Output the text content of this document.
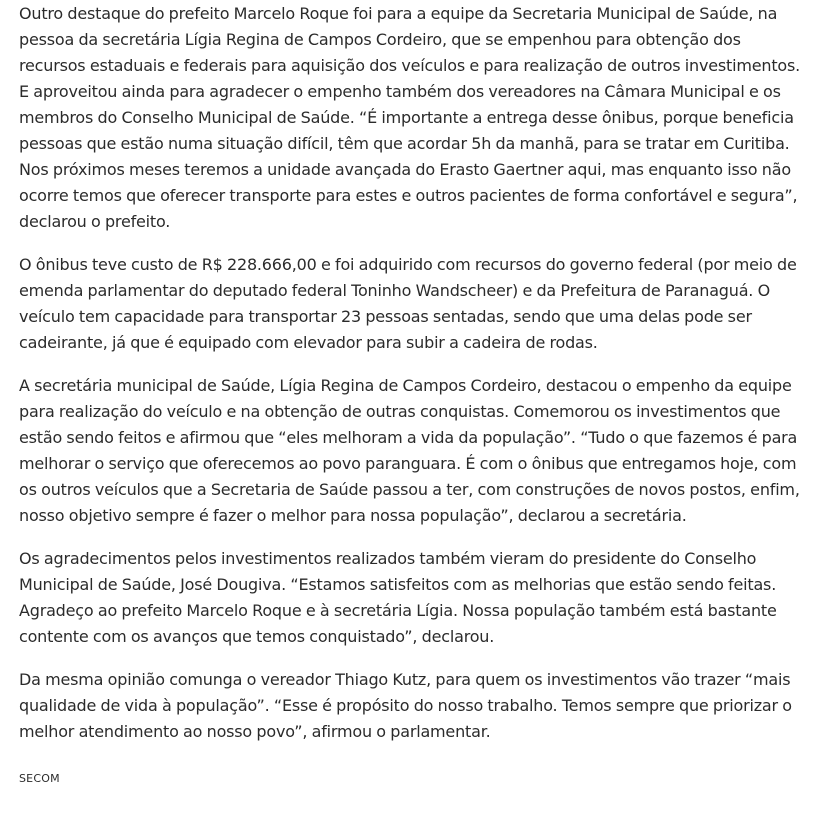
Outro destaque do prefeito Marcelo Roque foi para a equipe da Secretaria Municipal de Saúde, na pessoa da secretária Lígia Regina de Campos Cordeiro, que se empenhou para obtenção dos recursos estaduais e federais para aquisição dos veículos e para realização de outros investimentos. E aproveitou ainda para agradecer o empenho também dos vereadores na Câmara Municipal e os membros do Conselho Municipal de Saúde. “É importante a entrega desse ônibus, porque beneficia pessoas que estão numa situação difícil, têm que acordar 5h da manhã, para se tratar em Curitiba. Nos próximos meses teremos a unidade avançada do Erasto Gaertner aqui, mas enquanto isso não ocorre temos que oferecer transporte para estes e outros pacientes de forma confortável e segura”, declarou o prefeito.

O ônibus teve custo de R$ 228.666,00 e foi adquirido com recursos do governo federal (por meio de emenda parlamentar do deputado federal Toninho Wandscheer) e da Prefeitura de Paranaguá. O veículo tem capacidade para transportar 23 pessoas sentadas, sendo que uma delas pode ser cadeirante, já que é equipado com elevador para subir a cadeira de rodas.

A secretária municipal de Saúde, Lígia Regina de Campos Cordeiro, destacou o empenho da equipe para realização do veículo e na obtenção de outras conquistas. Comemorou os investimentos que estão sendo feitos e afirmou que “eles melhoram a vida da população”. “Tudo o que fazemos é para melhorar o serviço que oferecemos ao povo paranguara. É com o ônibus que entregamos hoje, com os outros veículos que a Secretaria de Saúde passou a ter, com construções de novos postos, enfim, nosso objetivo sempre é fazer o melhor para nossa população”, declarou a secretária.

Os agradecimentos pelos investimentos realizados também vieram do presidente do Conselho Municipal de Saúde, José Dougiva. “Estamos satisfeitos com as melhorias que estão sendo feitas. Agradeço ao prefeito Marcelo Roque e à secretária Lígia. Nossa população também está bastante contente com os avanços que temos conquistado”, declarou.

Da mesma opinião comunga o vereador Thiago Kutz, para quem os investimentos vão trazer “mais qualidade de vida à população”. “Esse é propósito do nosso trabalho. Temos sempre que priorizar o melhor atendimento ao nosso povo”, afirmou o parlamentar.

SECOM
